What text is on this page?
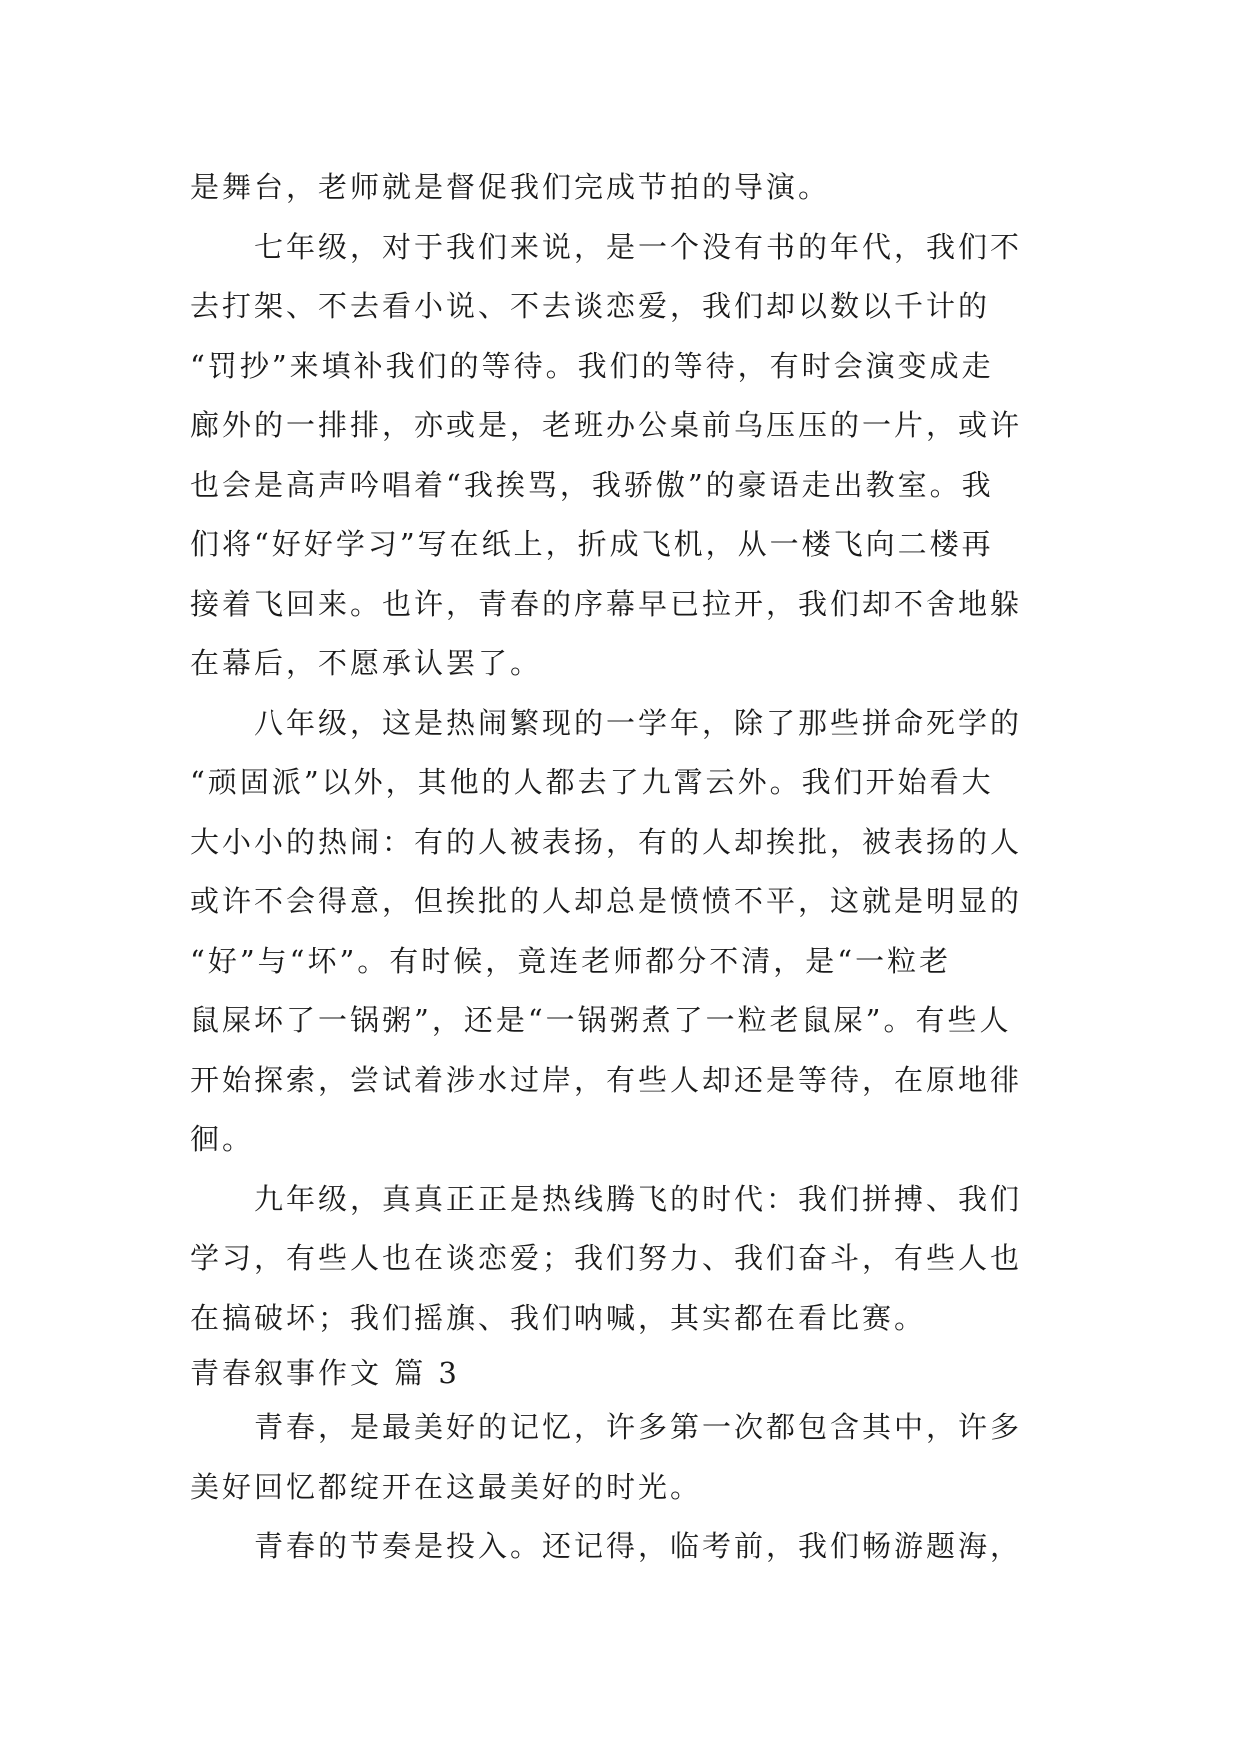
是舞台，老师就是督促我们完成节拍的导演。
七年级，对于我们来说，是一个没有书的年代，我们不
去打架、不去看小说、不去谈恋爱，我们却以数以千计的
“罚抄”来填补我们的等待。我们的等待，有时会演变成走
廊外的一排排，亦或是，老班办公桌前乌压压的一片，或许
也会是高声吟唱着“我挨骂，我骄傲”的豪语走出教室。我
们将“好好学习”写在纸上，折成飞机，从一楼飞向二楼再
接着飞回来。也许，青春的序幕早已拉开，我们却不舍地躲
在幕后，不愿承认罢了。
八年级，这是热闹繁现的一学年，除了那些拼命死学的
“顽固派”以外，其他的人都去了九霄云外。我们开始看大
大小小的热闹：有的人被表扬，有的人却挨批，被表扬的人
或许不会得意，但挨批的人却总是愤愤不平，这就是明显的
“好”与“坏”。有时候，竟连老师都分不清，是“一粒老
鼠屎坏了一锅粥”，还是“一锅粥煮了一粒老鼠屎”。有些人
开始探索，尝试着涉水过岸，有些人却还是等待，在原地徘
徊。
九年级，真真正正是热线腾飞的时代：我们拼搏、我们
学习，有些人也在谈恋爱；我们努力、我们奋斗，有些人也
在搞破坏；我们摇旗、我们呐喊，其实都在看比赛。
青春叙事作文 篇 3
青春，是最美好的记忆，许多第一次都包含其中，许多
美好回忆都绽开在这最美好的时光。
青春的节奏是投入。还记得，临考前，我们畅游题海，
